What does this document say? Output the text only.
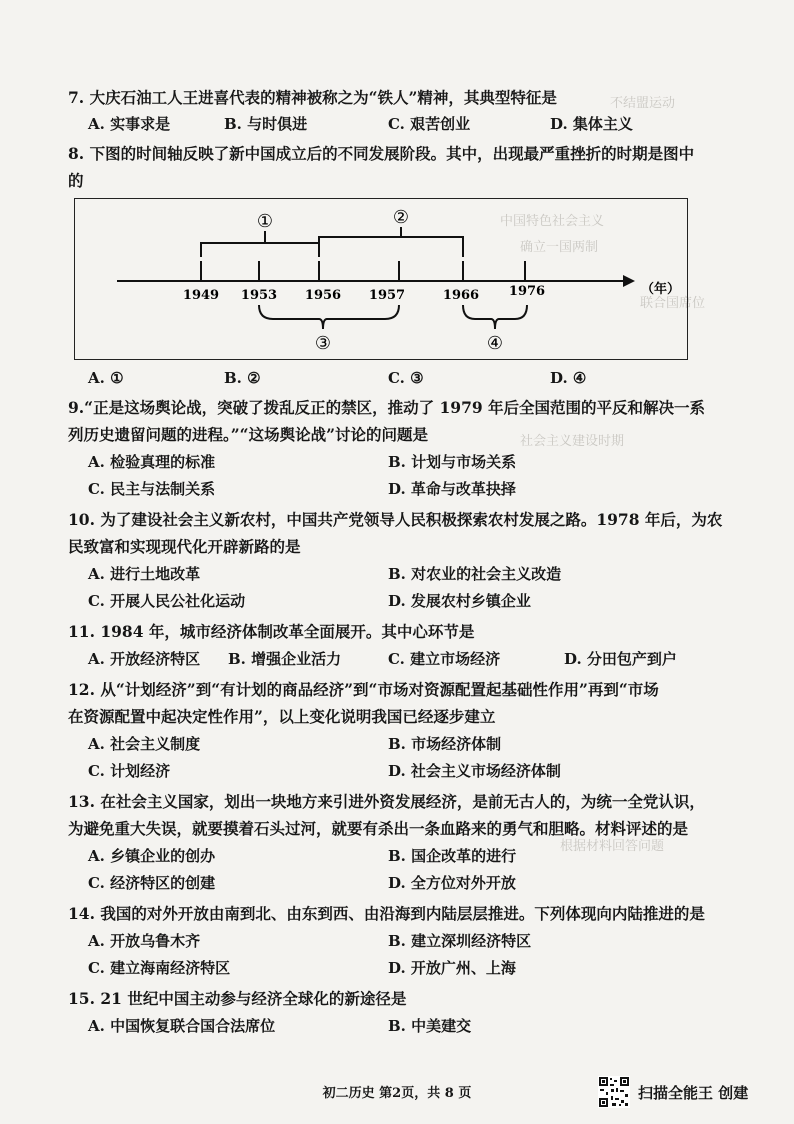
不结盟运动
中国特色社会主义
确立一国两制
联合国席位
社会主义建设时期
根据材料回答问题
7. 大庆石油工人王进喜代表的精神被称之为“铁人”精神，其典型特征是
A. 实事求是	B. 与时俱进	C. 艰苦创业	D. 集体主义
8. 下图的时间轴反映了新中国成立后的不同发展阶段。其中，出现最严重挫折的时期是图中
的
1949 1953 1956 1957	1966 1976	（年）
①	②
③	④
A. ①	B. ②	C. ③	D. ④
9.“正是这场舆论战，突破了拨乱反正的禁区，推动了 1979 年后全国范围的平反和解决一系
列历史遗留问题的进程。”“这场舆论战”讨论的问题是
A. 检验真理的标准	B. 计划与市场关系
C. 民主与法制关系	D. 革命与改革抉择
10. 为了建设社会主义新农村，中国共产党领导人民积极探索农村发展之路。1978 年后，为农
民致富和实现现代化开辟新路的是
A. 进行土地改革	B. 对农业的社会主义改造
C. 开展人民公社化运动	D. 发展农村乡镇企业
11. 1984 年，城市经济体制改革全面展开。其中心环节是
A. 开放经济特区 B. 增强企业活力	C. 建立市场经济	D. 分田包产到户
12. 从“计划经济”到“有计划的商品经济”到“市场对资源配置起基础性作用”再到“市场
在资源配置中起决定性作用”，以上变化说明我国已经逐步建立
A. 社会主义制度	B. 市场经济体制
C. 计划经济	D. 社会主义市场经济体制
13. 在社会主义国家，划出一块地方来引进外资发展经济，是前无古人的，为统一全党认识，
为避免重大失误，就要摸着石头过河，就要有杀出一条血路来的勇气和胆略。材料评述的是
A. 乡镇企业的创办	B. 国企改革的进行
C. 经济特区的创建	D. 全方位对外开放
14. 我国的对外开放由南到北、由东到西、由沿海到内陆层层推进。下列体现向内陆推进的是
A. 开放乌鲁木齐	B. 建立深圳经济特区
C. 建立海南经济特区	D. 开放广州、上海
15. 21 世纪中国主动参与经济全球化的新途径是
A. 中国恢复联合国合法席位	B. 中美建交
初二历史 第2页，共 8 页	扫描全能王 创建
